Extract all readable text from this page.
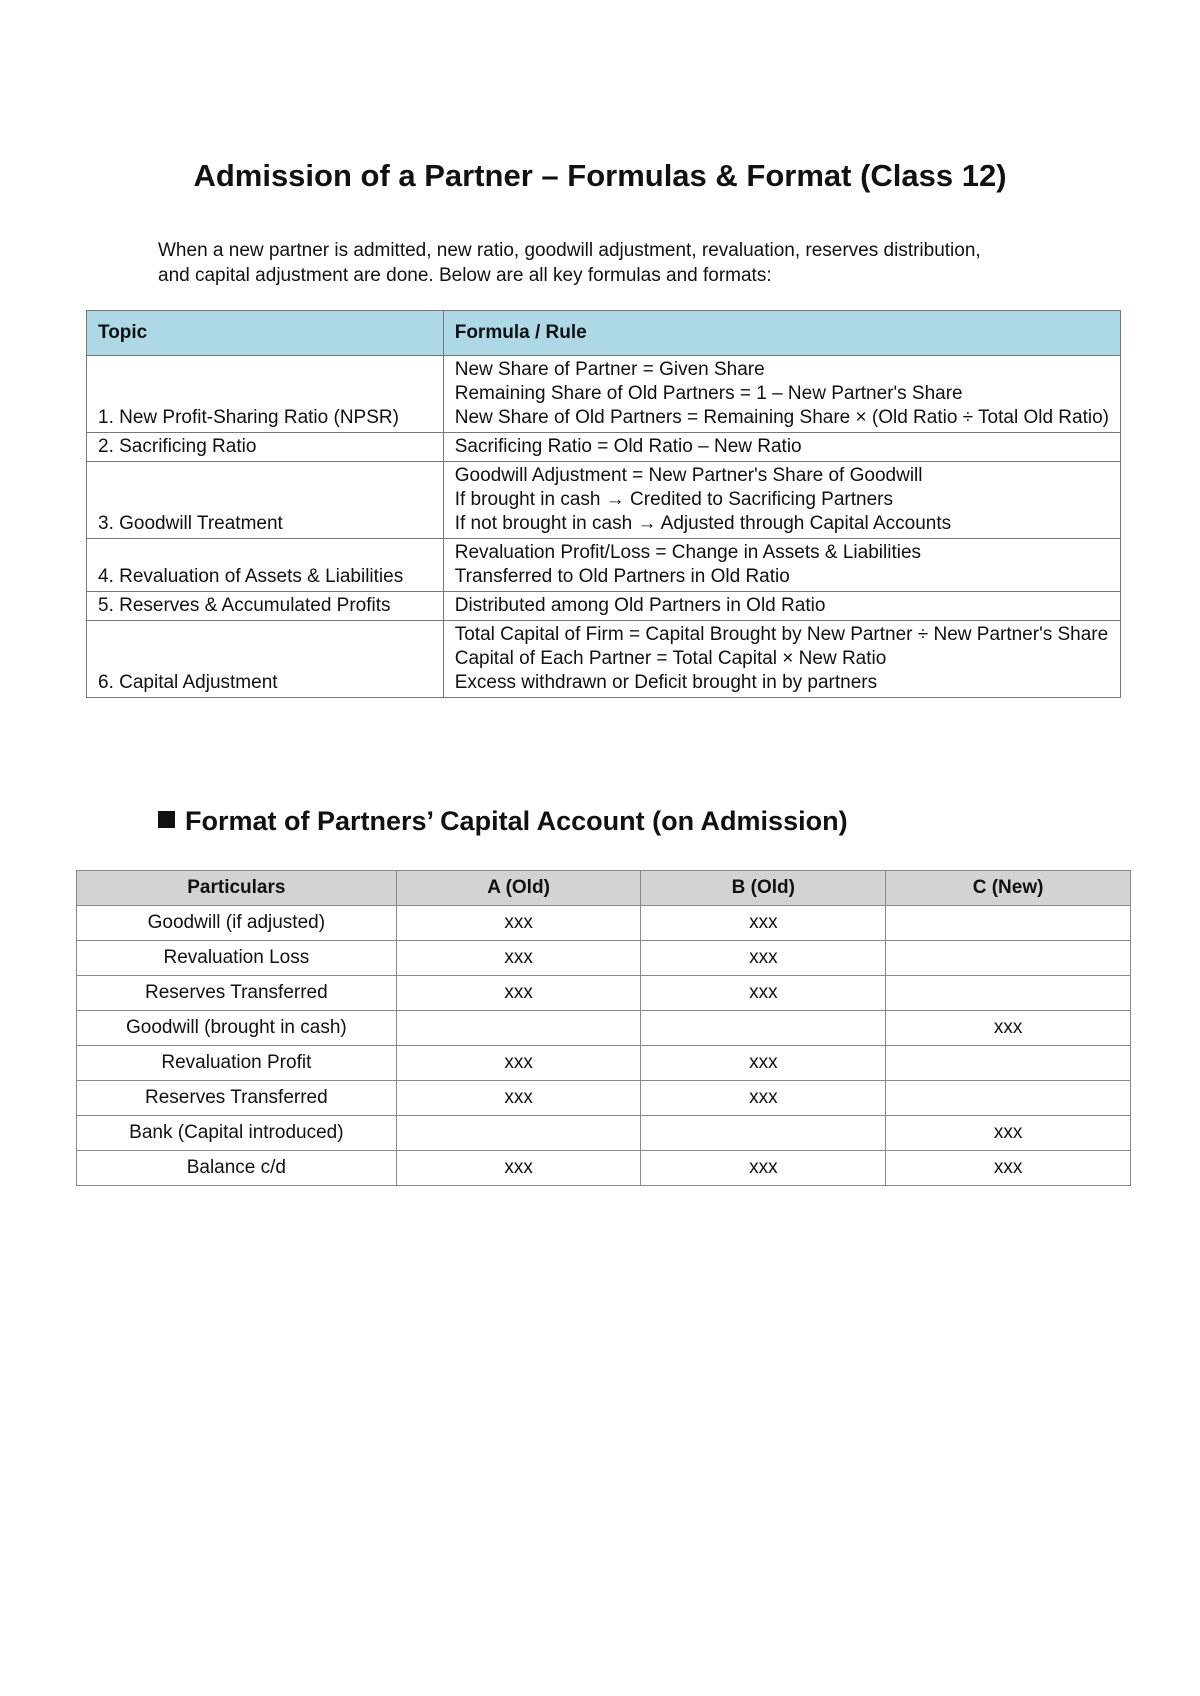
Admission of a Partner – Formulas & Format (Class 12)

When a new partner is admitted, new ratio, goodwill adjustment, revaluation, reserves distribution,
and capital adjustment are done. Below are all key formulas and formats:

Topic	Formula / Rule
1. New Profit-Sharing Ratio (NPSR)	New Share of Partner = Given Share
Remaining Share of Old Partners = 1 – New Partner's Share
New Share of Old Partners = Remaining Share × (Old Ratio ÷ Total Old Ratio)

2. Sacrificing Ratio	Sacrificing Ratio = Old Ratio – New Ratio

3. Goodwill Treatment	Goodwill Adjustment = New Partner's Share of Goodwill
If brought in cash → Credited to Sacrificing Partners
If not brought in cash → Adjusted through Capital Accounts

4. Revaluation of Assets & Liabilities	Revaluation Profit/Loss = Change in Assets & Liabilities
Transferred to Old Partners in Old Ratio

5. Reserves & Accumulated Profits	Distributed among Old Partners in Old Ratio

6. Capital Adjustment	Total Capital of Firm = Capital Brought by New Partner ÷ New Partner's Share
Capital of Each Partner = Total Capital × New Ratio
Excess withdrawn or Deficit brought in by partners
Format of Partners’ Capital Account (on Admission)
Particulars	A (Old)	B (Old)	C (New)
Goodwill (if adjusted)	xxx	xxx	
Revaluation Loss	xxx	xxx	
Reserves Transferred	xxx	xxx	
Goodwill (brought in cash)			xxx
Revaluation Profit	xxx	xxx	
Reserves Transferred	xxx	xxx	
Bank (Capital introduced)			xxx
Balance c/d	xxx	xxx	xxx
